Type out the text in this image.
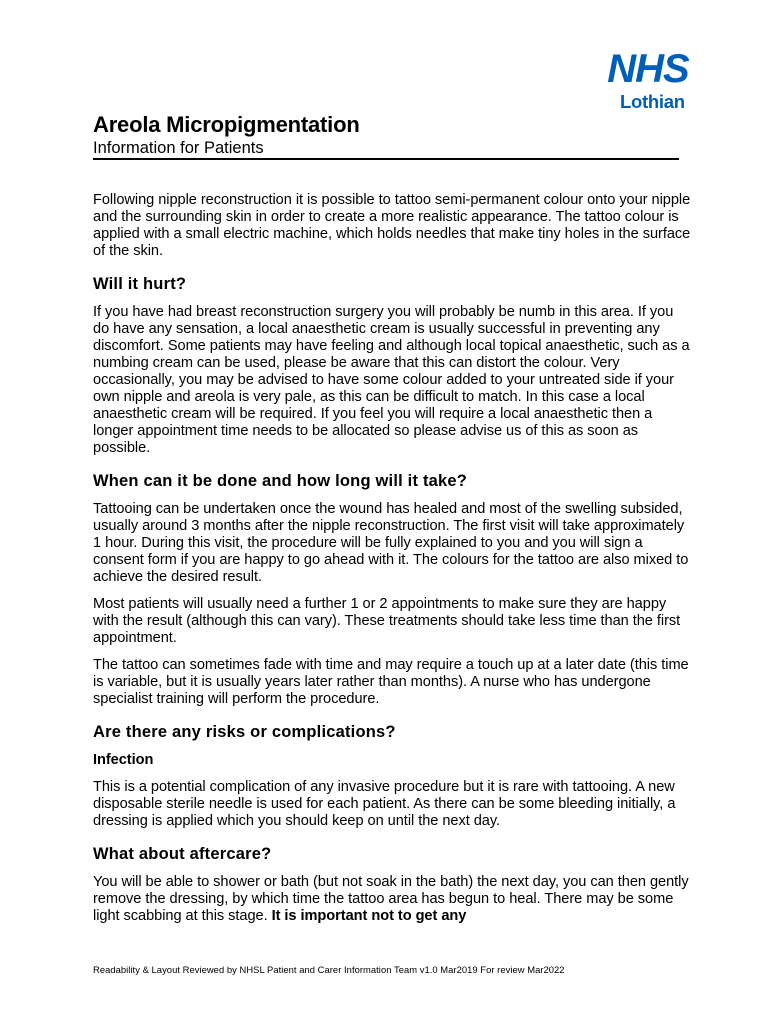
NHS
Lothian
Areola Micropigmentation
Information for Patients

Following nipple reconstruction it is possible to tattoo semi-permanent colour onto your nipple and the surrounding skin in order to create a more realistic appearance. The tattoo colour is applied with a small electric machine, which holds needles that make tiny holes in the surface of the skin.

Will it hurt?

If you have had breast reconstruction surgery you will probably be numb in this area. If you do have any sensation, a local anaesthetic cream is usually successful in preventing any discomfort. Some patients may have feeling and although local topical anaesthetic, such as a numbing cream can be used, please be aware that this can distort the colour. Very occasionally, you may be advised to have some colour added to your untreated side if your own nipple and areola is very pale, as this can be difficult to match. In this case a local anaesthetic cream will be required. If you feel you will require a local anaesthetic then a longer appointment time needs to be allocated so please advise us of this as soon as possible.

When can it be done and how long will it take?

Tattooing can be undertaken once the wound has healed and most of the swelling subsided, usually around 3 months after the nipple reconstruction. The first visit will take approximately 1 hour. During this visit, the procedure will be fully explained to you and you will sign a consent form if you are happy to go ahead with it. The colours for the tattoo are also mixed to achieve the desired result.

Most patients will usually need a further 1 or 2 appointments to make sure they are happy with the result (although this can vary). These treatments should take less time than the first appointment.

The tattoo can sometimes fade with time and may require a touch up at a later date (this time is variable, but it is usually years later rather than months). A nurse who has undergone specialist training will perform the procedure.

Are there any risks or complications?
Infection

This is a potential complication of any invasive procedure but it is rare with tattooing. A new disposable sterile needle is used for each patient. As there can be some bleeding initially, a dressing is applied which you should keep on until the next day.

What about aftercare?

You will be able to shower or bath (but not soak in the bath) the next day, you can then gently remove the dressing, by which time the tattoo area has begun to heal. There may be some light scabbing at this stage. It is important not to get any

Readability & Layout Reviewed by NHSL Patient and Carer Information Team v1.0 Mar2019 For review Mar2022
